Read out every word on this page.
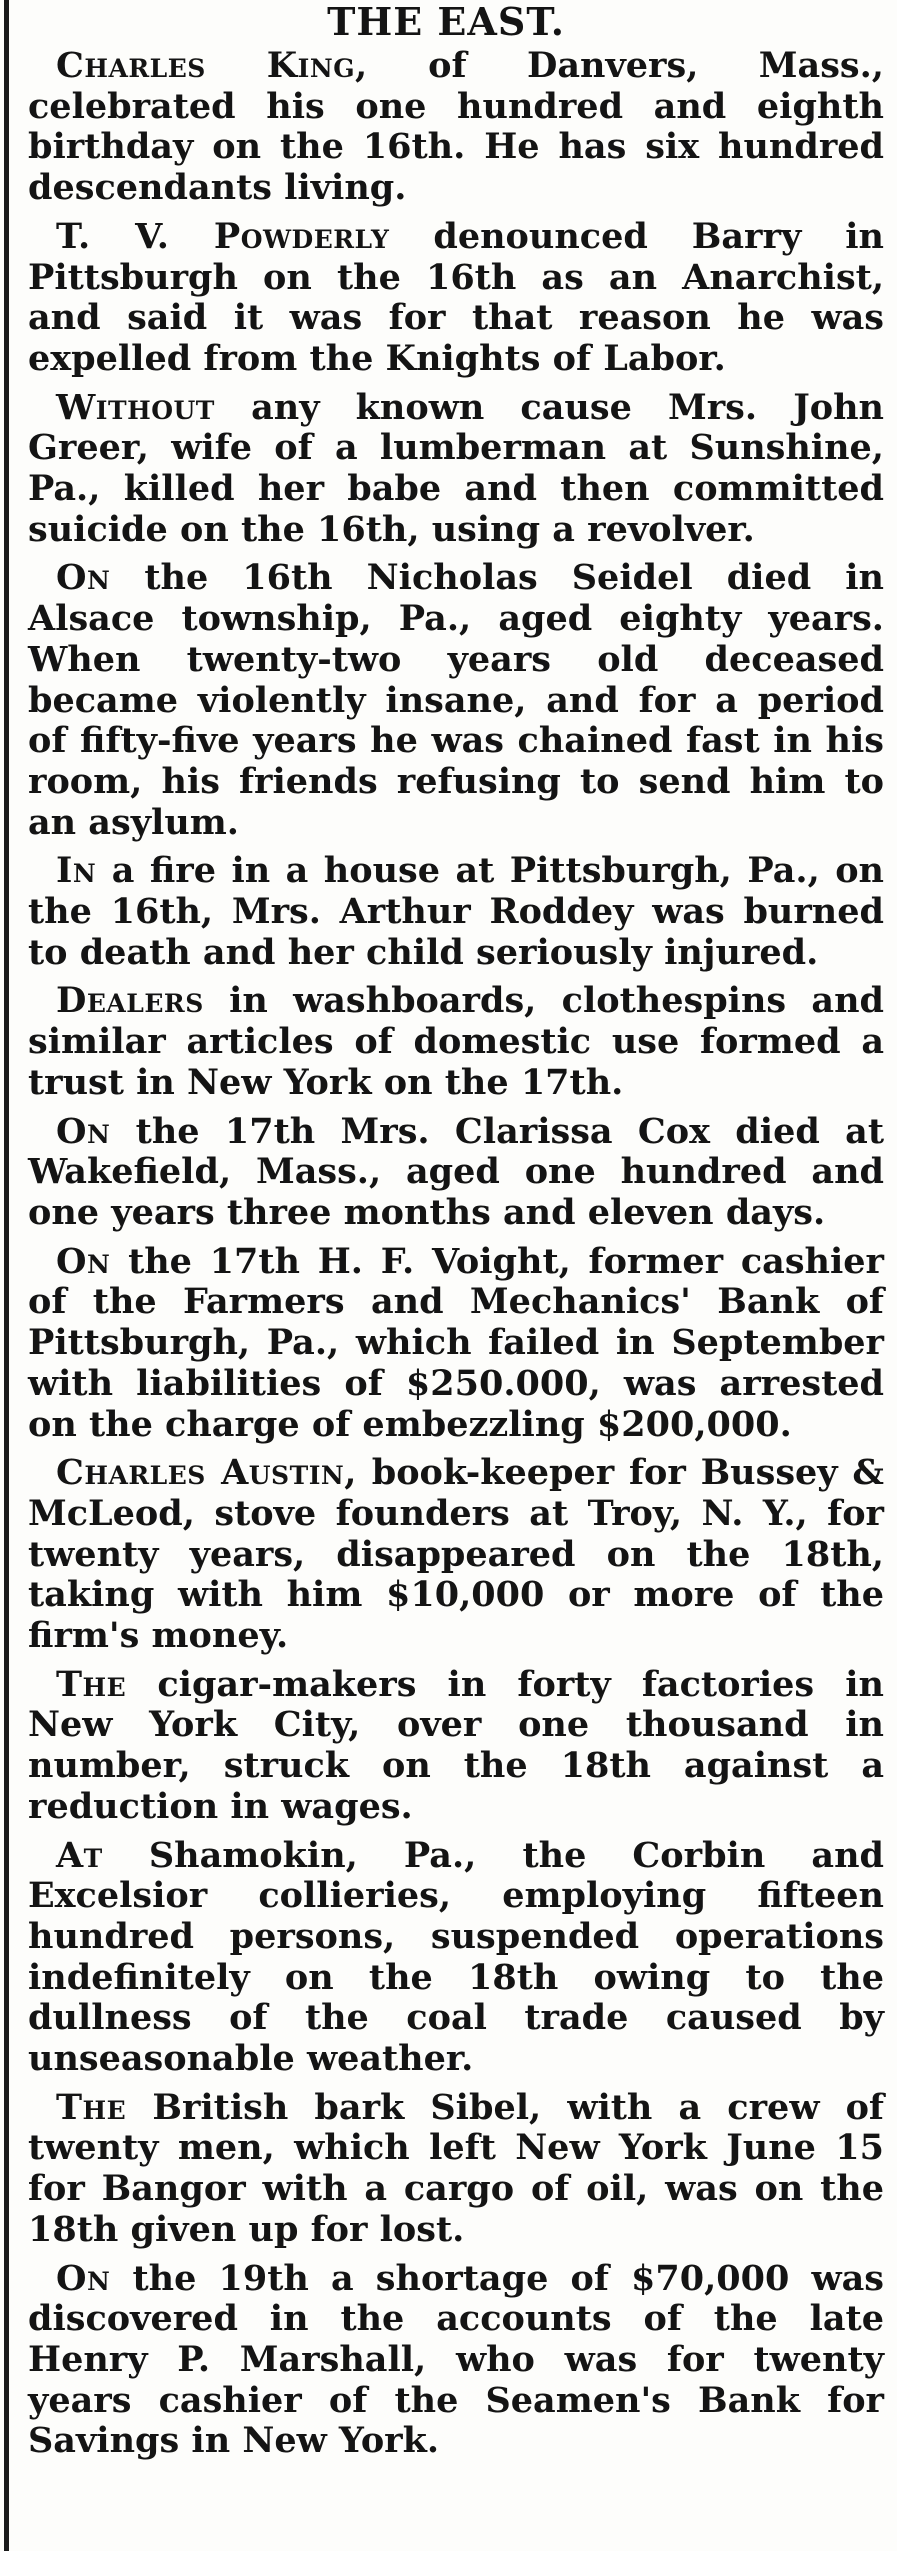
THE EAST.

Charles King, of Danvers, Mass., celebrated his one hundred and eighth birthday on the 16th. He has six hundred descendants living.

T. V. Powderly denounced Barry in Pittsburgh on the 16th as an Anarchist, and said it was for that reason he was expelled from the Knights of Labor.

Without any known cause Mrs. John Greer, wife of a lumberman at Sunshine, Pa., killed her babe and then committed suicide on the 16th, using a revolver.

On the 16th Nicholas Seidel died in Alsace township, Pa., aged eighty years. When twenty-two years old deceased became violently insane, and for a period of fifty-five years he was chained fast in his room, his friends refusing to send him to an asylum.

In a fire in a house at Pittsburgh, Pa., on the 16th, Mrs. Arthur Roddey was burned to death and her child seriously injured.

Dealers in washboards, clothespins and similar articles of domestic use formed a trust in New York on the 17th.

On the 17th Mrs. Clarissa Cox died at Wakefield, Mass., aged one hundred and one years three months and eleven days.

On the 17th H. F. Voight, former cashier of the Farmers and Mechanics' Bank of Pittsburgh, Pa., which failed in September with liabilities of $250.000, was arrested on the charge of embezzling $200,000.

Charles Austin, book-keeper for Bussey & McLeod, stove founders at Troy, N. Y., for twenty years, disappeared on the 18th, taking with him $10,000 or more of the firm's money.

The cigar-makers in forty factories in New York City, over one thousand in number, struck on the 18th against a reduction in wages.

At Shamokin, Pa., the Corbin and Excelsior collieries, employing fifteen hundred persons, suspended operations indefinitely on the 18th owing to the dullness of the coal trade caused by unseasonable weather.

The British bark Sibel, with a crew of twenty men, which left New York June 15 for Bangor with a cargo of oil, was on the 18th given up for lost.

On the 19th a shortage of $70,000 was discovered in the accounts of the late Henry P. Marshall, who was for twenty years cashier of the Seamen's Bank for Savings in New York.
